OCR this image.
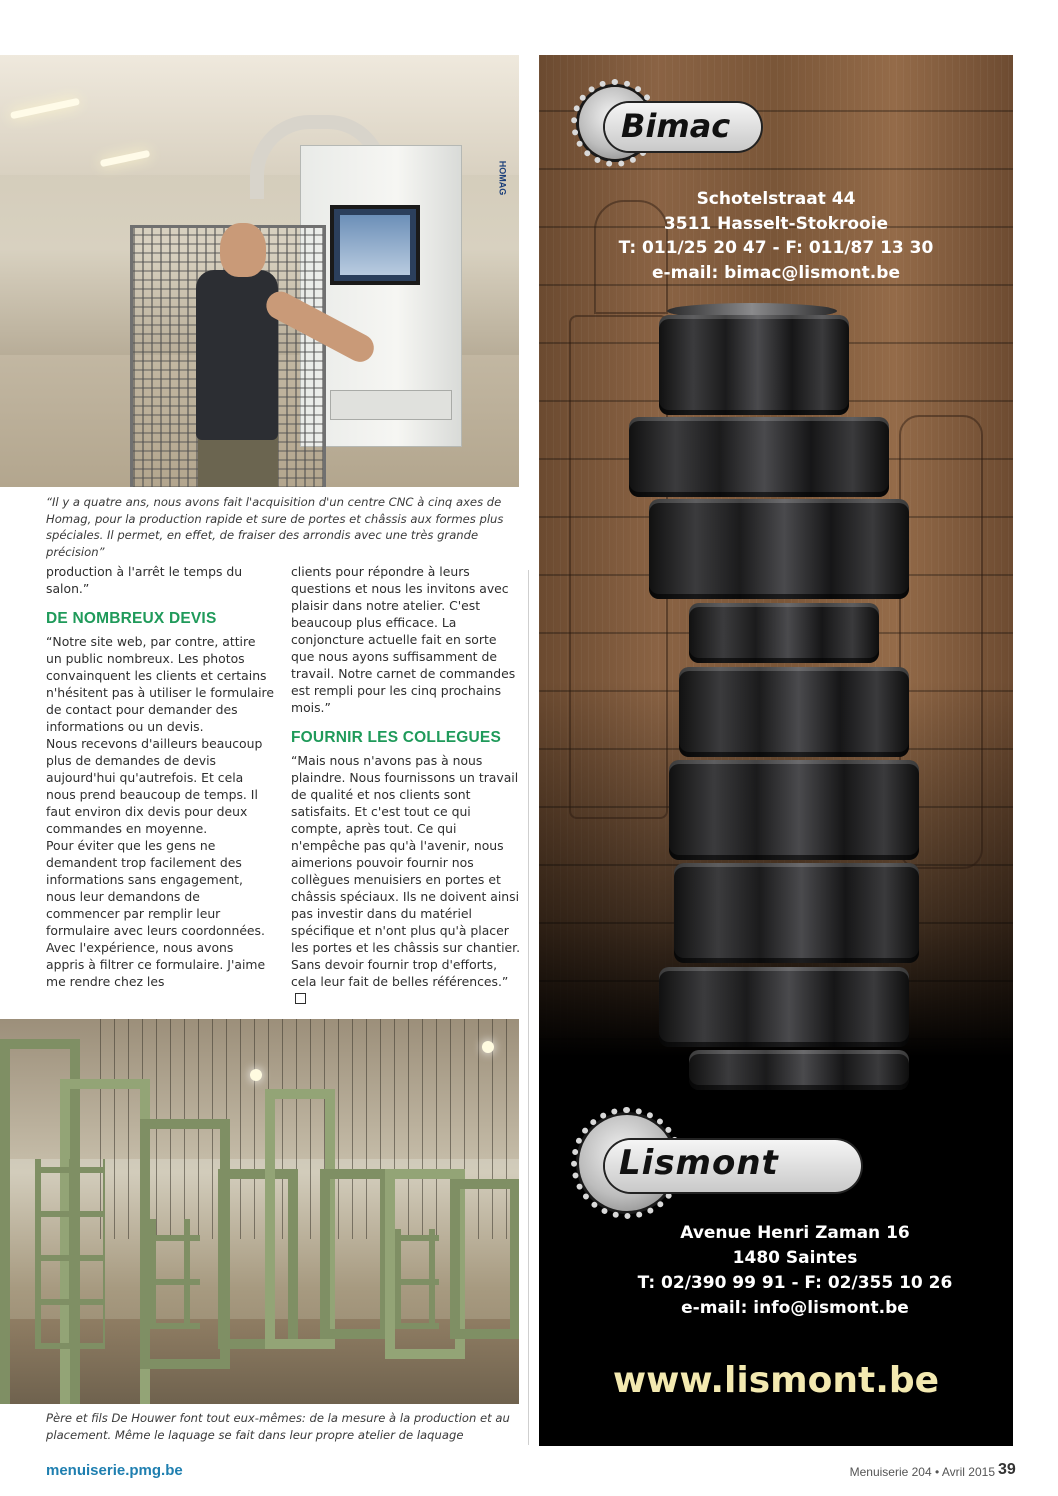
HOMAG
“Il y a quatre ans, nous avons fait l'acquisition d'un centre CNC à cinq axes de Homag, pour la production rapide et sure de portes et châssis aux formes plus spéciales. Il permet, en effet, de fraiser des arrondis avec une très grande précision”

production à l'arrêt le temps du salon.”

DE NOMBREUX DEVIS

“Notre site web, par contre, attire un public nombreux. Les photos convainquent les clients et certains n'hésitent pas à utiliser le formulaire de contact pour demander des informations ou un devis.

Nous recevons d'ailleurs beaucoup plus de demandes de devis aujourd'hui qu'autrefois. Et cela nous prend beaucoup de temps. Il faut environ dix devis pour deux commandes en moyenne.

Pour éviter que les gens ne demandent trop facilement des informations sans engagement, nous leur demandons de commencer par remplir leur formulaire avec leurs coordonnées. Avec l'expérience, nous avons appris à filtrer ce formulaire. J'aime me rendre chez les

clients pour répondre à leurs questions et nous les invitons avec plaisir dans notre atelier. C'est beaucoup plus efficace. La conjoncture actuelle fait en sorte que nous ayons suffisamment de travail. Notre carnet de commandes est rempli pour les cinq prochains mois.”

FOURNIR LES COLLEGUES

“Mais nous n'avons pas à nous plaindre. Nous fournissons un travail de qualité et nos clients sont satisfaits. Et c'est tout ce qui compte, après tout. Ce qui n'empêche pas qu'à l'avenir, nous aimerions pouvoir fournir nos collègues menuisiers en portes et châssis spéciaux. Ils ne doivent ainsi pas investir dans du matériel spécifique et n'ont plus qu'à placer les portes et les châssis sur chantier. Sans devoir fournir trop d'efforts, cela leur fait de belles références.”

Père et fils De Houwer font tout eux-mêmes: de la mesure à la production et au placement. Même le laquage se fait dans leur propre atelier de laquage
Bimac
Schotelstraat 44
3511 Hasselt-Stokrooie
T: 011/25 20 47 - F: 011/87 13 30
e-mail: bimac@lismont.be
Lismont
Avenue Henri Zaman 16
1480 Saintes
T: 02/390 99 91 - F: 02/355 10 26
e-mail: info@lismont.be
www.lismont.be
menuiserie.pmg.be	Menuiserie 204 • Avril 2015 39
